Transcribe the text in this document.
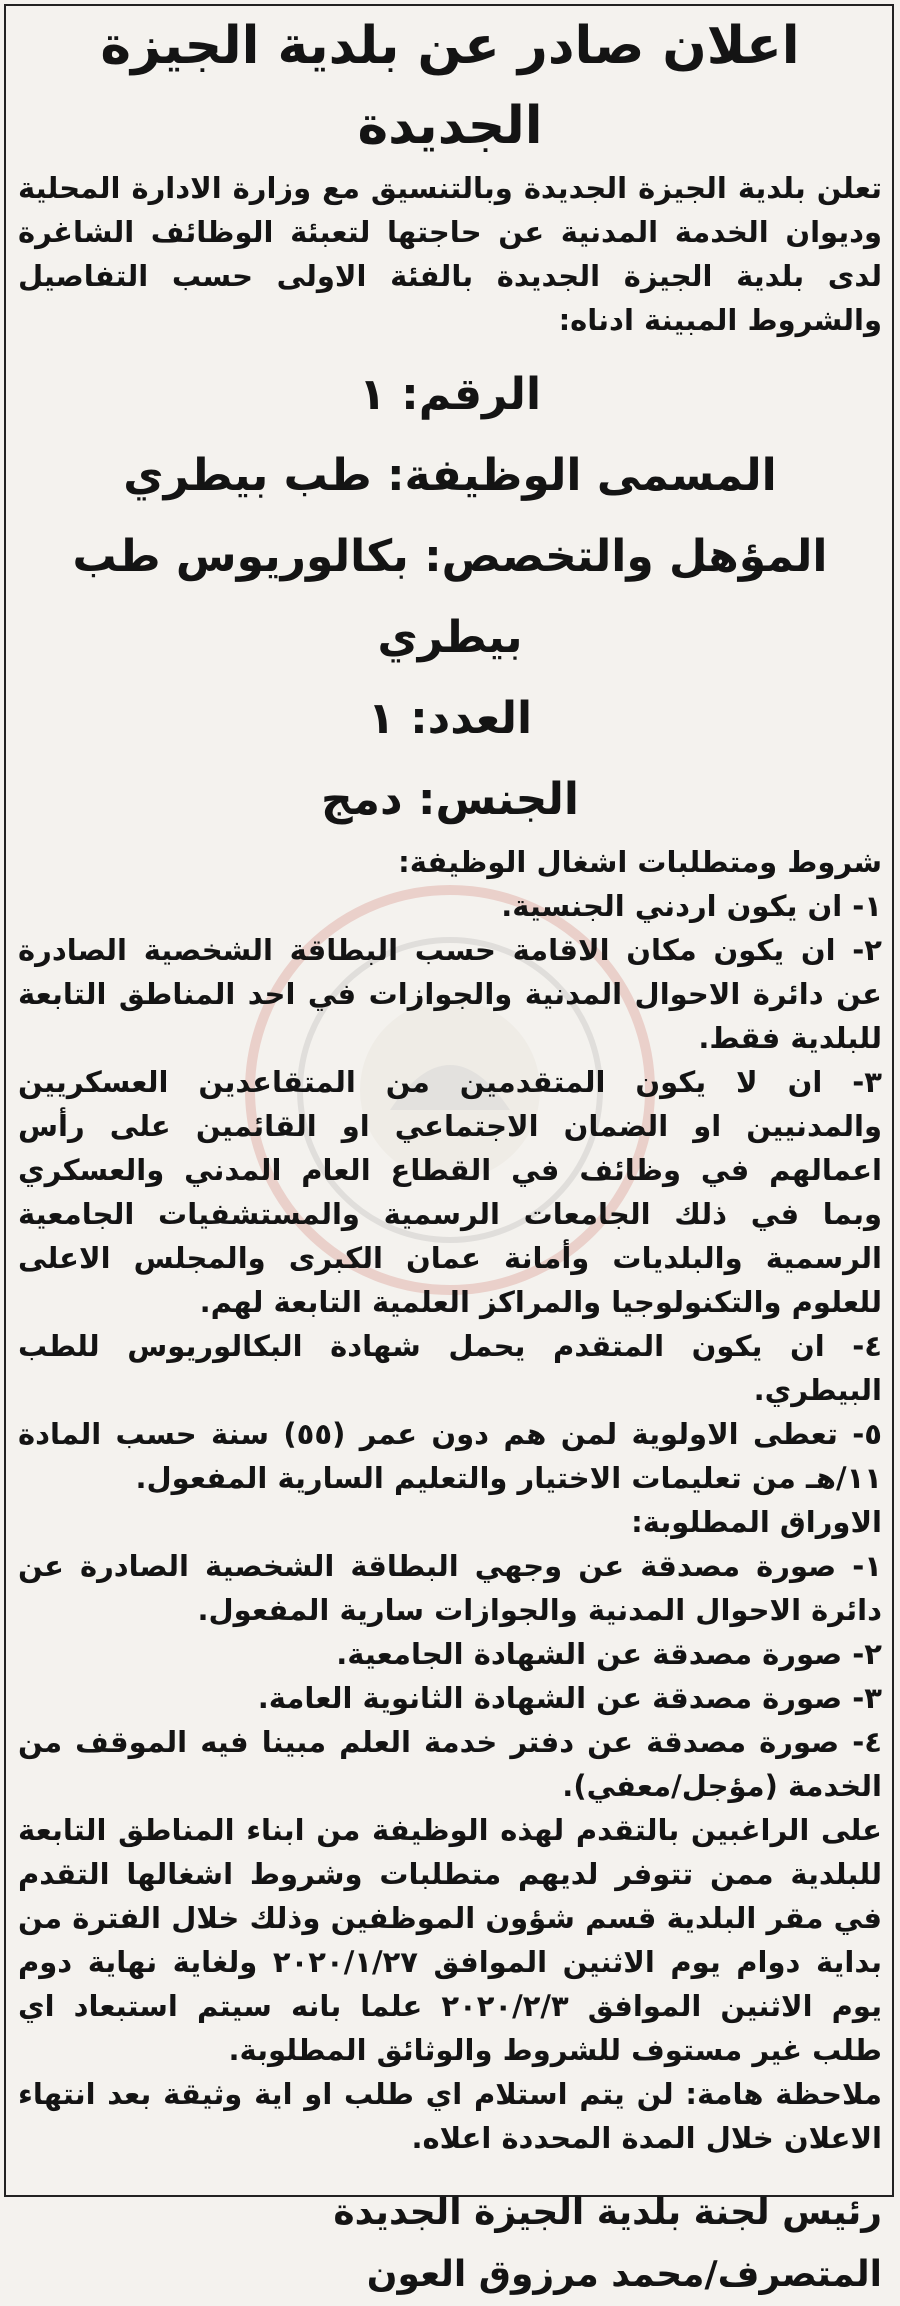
اعلان صادر عن بلدية الجيزة الجديدة

تعلن بلدية الجيزة الجديدة وبالتنسيق مع وزارة الادارة المحلية وديوان الخدمة المدنية عن حاجتها لتعبئة الوظائف الشاغرة لدى بلدية الجيزة الجديدة بالفئة الاولى حسب التفاصيل والشروط المبينة ادناه:

الرقم: ١

المسمى الوظيفة: طب بيطري

المؤهل والتخصص: بكالوريوس طب بيطري

العدد: ١

الجنس: دمج

شروط ومتطلبات اشغال الوظيفة:

١- ان يكون اردني الجنسية.

٢- ان يكون مكان الاقامة حسب البطاقة الشخصية الصادرة عن دائرة الاحوال المدنية والجوازات في احد المناطق التابعة للبلدية فقط.

٣- ان لا يكون المتقدمين من المتقاعدين العسكريين والمدنيين او الضمان الاجتماعي او القائمين على رأس اعمالهم في وظائف في القطاع العام المدني والعسكري وبما في ذلك الجامعات الرسمية والمستشفيات الجامعية الرسمية والبلديات وأمانة عمان الكبرى والمجلس الاعلى للعلوم والتكنولوجيا والمراكز العلمية التابعة لهم.

٤- ان يكون المتقدم يحمل شهادة البكالوريوس للطب البيطري.

٥- تعطى الاولوية لمن هم دون عمر (٥٥) سنة حسب المادة ١١/هـ من تعليمات الاختيار والتعليم السارية المفعول.

الاوراق المطلوبة:

١- صورة مصدقة عن وجهي البطاقة الشخصية الصادرة عن دائرة الاحوال المدنية والجوازات سارية المفعول.

٢- صورة مصدقة عن الشهادة الجامعية.

٣- صورة مصدقة عن الشهادة الثانوية العامة.

٤- صورة مصدقة عن دفتر خدمة العلم مبينا فيه الموقف من الخدمة (مؤجل/معفي).

على الراغبين بالتقدم لهذه الوظيفة من ابناء المناطق التابعة للبلدية ممن تتوفر لديهم متطلبات وشروط اشغالها التقدم في مقر البلدية قسم شؤون الموظفين وذلك خلال الفترة من بداية دوام يوم الاثنين الموافق ٢٠٢٠/١/٢٧ ولغاية نهاية دوم يوم الاثنين الموافق ٢٠٢٠/٢/٣ علما بانه سيتم استبعاد اي طلب غير مستوف للشروط والوثائق المطلوبة.

ملاحظة هامة: لن يتم استلام اي طلب او اية وثيقة بعد انتهاء الاعلان خلال المدة المحددة اعلاه.

رئيس لجنة بلدية الجيزة الجديدة

المتصرف/محمد مرزوق العون
